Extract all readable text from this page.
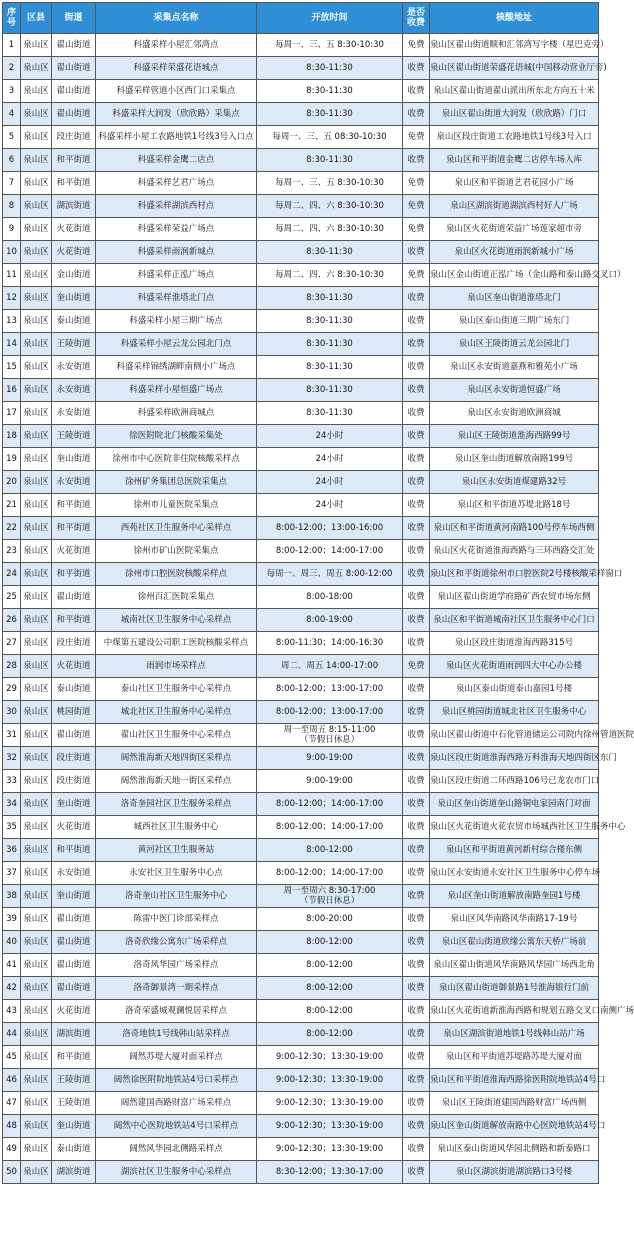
序号	区县	街道	采集点名称	开放时间	是否收费	核酸地址
1	泉山区	翟山街道	科盛采样小屋汇邻湾点	每周一、三、五 8:30-10:30	免费	泉山区翟山街道顺和汇邻湾写字楼（星巴克旁）
2	泉山区	翟山街道	科盛采样荣盛花语城点	8:30-11:30	收费	泉山区翟山街道荣盛花语城(中国移动营业厅旁)
3	泉山区	翟山街道	科盛采样管道小区西门口采集点	8:30-11:30	收费	泉山区翟山街道翟山派出所东北方向五十米
4	泉山区	翟山街道	科盛采样大润发（欣欣路）采集点	8:30-11:30	收费	泉山区翟山街道大润发（欣欣路）门口
5	泉山区	段庄街道	科盛采样小屋工农路地铁1号线3号入口点	每周一、三、五 08:30-10:30	免费	泉山区段庄街道工农路地铁1号线3号入口
6	泉山区	和平街道	科盛采样金鹰二店点	8:30-11:30	收费	泉山区和平街道金鹰二店停车场入库
7	泉山区	和平街道	科盛采样艺君广场点	每周一、三、五 8:30-10:30	免费	泉山区和平街道艺君花园小广场
8	泉山区	湖滨街道	科盛采样湖滨西村点	每周二、四、六 8:30-10:30	免费	泉山区湖滨街道湖滨西村好人广场
9	泉山区	火花街道	科盛采样荣益广场点	每周二、四、六 8:30-10:30	免费	泉山区火花街道荣益广场莲家超市旁
10	泉山区	火花街道	科盛采样雨润新城点	8:30-11:30	收费	泉山区火花街道雨润新城小广场
11	泉山区	金山街道	科盛采样正泓广场点	每周二、四、六 8:30-10:30	免费	泉山区金山街道正泓广场（金山路和泰山路交叉口）
12	泉山区	奎山街道	科盛采样淮塔北门点	8:30-11:30	收费	泉山区奎山街道淮塔北门
13	泉山区	泰山街道	科盛采样小屋三期广场点	8:30-11:30	收费	泉山区泰山街道三期广场东门
14	泉山区	王陵街道	科盛采样小屋云龙公园北门点	8:30-11:30	收费	泉山区王陵街道云龙公园北门
15	泉山区	永安街道	科盛采样锦绣湖畔南侧小广场点	8:30-11:30	收费	泉山区永安街道嘉燕和雅苑小广场
16	泉山区	永安街道	科盛采样小屋恒盛广场点	8:30-11:30	收费	泉山区永安街道恒盛广场
17	泉山区	永安街道	科盛采样欧洲商城点	8:30-11:30	收费	泉山区永安街道欧洲商城
18	泉山区	王陵街道	徐医附院北门核酸采集处	24小时	收费	泉山区王陵街道淮海西路99号
19	泉山区	奎山街道	徐州市中心医院非住院核酸采样点	24小时	收费	泉山区奎山街道解放南路199号
20	泉山区	永安街道	徐州矿务集团总医院采集点	24小时	收费	泉山区永安街道煤建路32号
21	泉山区	和平街道	徐州市儿童医院采集点	24小时	收费	泉山区和平街道苏堤北路18号
22	泉山区	和平街道	西苑社区卫生服务中心采样点	8:00-12:00；13:00-16:00	收费	泉山区和平街道黄河南路100号停车场西侧
23	泉山区	火花街道	徐州市矿山医院采集点	8:00-12:00；14:00-17:00	收费	泉山区火花街道淮海西路与三环西路交汇处
24	泉山区	和平街道	徐州市口腔医院核酸采样点	每周一、周三、周五 8:00-12:00	收费	泉山区和平街道徐州市口腔医院2号楼核酸采样窗口
25	泉山区	翟山街道	徐州百汇医院采集点	8:00-18:00	收费	泉山区翟山街道学府路矿西农贸市场东侧
26	泉山区	和平街道	城南社区卫生服务中心采样点	8:00-19:00	收费	泉山区和平街道城南社区卫生服务中心门口
27	泉山区	段庄街道	中煤第五建设公司职工医院核酸采样点	8:00-11:30；14:00-16:30	收费	泉山区段庄街道淮海西路315号
28	泉山区	火花街道	雨润市场采样点	周二、周五 14:00-17:00	免费	泉山区火花街道雨润四大中心办公楼
29	泉山区	泰山街道	泰山社区卫生服务中心采样点	8:00-12:00；13:00-17:00	收费	泉山区泰山街道泰山嘉园1号楼
30	泉山区	桃园街道	城北社区卫生服务中心采样点	8:00-12:00；13:00-17:00	收费	泉山区桃园街道城北社区卫生服务中心
31	泉山区	翟山街道	翟山社区卫生服务中心采样点	周一至周五 8:15-11:00
（节假日休息）	收费	泉山区翟山街道中石化管道储运公司院内徐州管道医院
32	泉山区	段庄街道	阔然淮海新天地四街区采样点	9:00-19:00	收费	泉山区段庄街道淮海西路万科淮海天地四街区东门
33	泉山区	段庄街道	阔然淮海新天地一街区采样点	9:00-19:00	收费	泉山区段庄街道二环西路106号已龙农市门口
34	泉山区	奎山街道	洛奇奎园社区卫生服务采样点	8:00-12:00；14:00-17:00	收费	泉山区奎山街道奎山路铜电家园南门对面
35	泉山区	火花街道	城西社区卫生服务中心	8:00-12:00；14:00-17:00	收费	泉山区火花街道火花农贸市场城西社区卫生服务中心
36	泉山区	和平街道	黄河社区卫生服务站	8:00-12:00	收费	泉山区和平街道黄河新村综合楼东侧
37	泉山区	永安街道	永安社区卫生服务中心点	8:00-12:00；14:00-17:00	收费	泉山区永安街道永安社区卫生服务中心停车场
38	泉山区	奎山街道	洛奇奎山社区卫生服务中心	周一至周六 8:30-17:00
（节假日休息）	收费	泉山区奎山街道解放南路奎园1号楼
39	泉山区	翟山街道	陈雷中医门诊部采样点	8:00-20:00	收费	泉山区风华南路风华南路17-19号
40	泉山区	翟山街道	洛奇欣缘公寓东广场采样点	8:00-12:00	收费	泉山区翟山街道欣缘公寓东天桥广场前
41	泉山区	翟山街道	洛奇风华园广场采样点	8:00-12:00	收费	泉山区翟山街道风华南路风华园广场西北角
42	泉山区	翟山街道	洛奇御景湾一期采样点	8:00-12:00	收费	泉山区翟山街道御景路1号淮海银行门前
43	泉山区	火花街道	洛奇荣盛城观澜悦居采样点	8:00-12:00	收费	泉山区火花街道新淮海西路和规划五路交叉口南侧广场
44	泉山区	湖滨街道	洛奇地铁1号线韩山站采样点	8:00-12:00	收费	泉山区湖滨街道地铁1号线韩山站广场
45	泉山区	和平街道	阔然苏堤大厦对面采样点	9:00-12:30；13:30-19:00	收费	泉山区和平街道苏堤路苏堤大厦对面
46	泉山区	王陵街道	阔然徐医附院地铁站4号口采样点	9:00-12:30；13:30-19:00	收费	泉山区和平街道淮海西路徐医附院地铁站4号口
47	泉山区	王陵街道	阔然建国西路财富广场采样点	9:00-12:30；13:30-19:00	收费	泉山区王陵街道建国西路财富广场西侧
48	泉山区	奎山街道	阔然中心医院地铁站4号口采样点	9:00-12:30；13:30-19:00	收费	泉山区奎山街道解放南路中心医院地铁站4号口
49	泉山区	泰山街道	阔然风华园北侧路采样点	9:00-12:30；13:30-19:00	收费	泉山区泰山街道风华园北侧路和新泰路口
50	泉山区	湖滨街道	湖滨社区卫生服务中心采样点	8:30-12:00；13:30-17:00	收费	泉山区湖滨街道湖滨路口3号楼
